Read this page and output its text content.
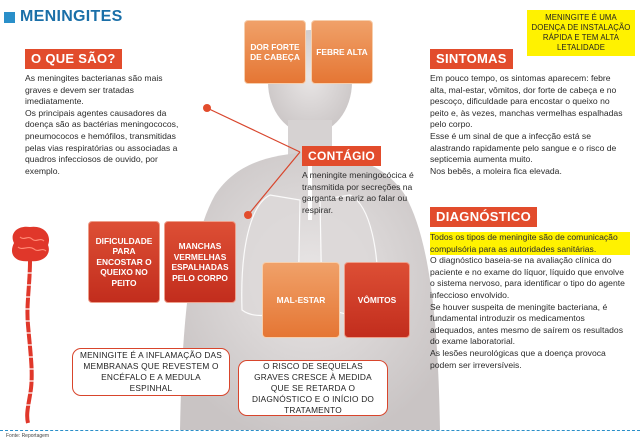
MENINGITES	MENINGITE É UMA DOENÇA DE INSTALAÇÃO RÁPIDA E TEM ALTA LETALIDADE
O QUE SÃO?

As meningites bacterianas são mais graves e devem ser tratadas imediatamente.

Os principais agentes causadores da doença são as bactérias meningococos, pneumococos e hemófilos, transmitidas pelas vias respiratórias ou associadas a quadros infecciosos de ouvido, por exemplo.

DOR FORTE DE CABEÇA
FEBRE ALTA
CONTÁGIO
A meningite meningocócica é transmitida por secreções na garganta e nariz ao falar ou respirar.
SINTOMAS

Em pouco tempo, os sintomas aparecem: febre alta, mal-estar, vômitos, dor forte de cabeça e no pescoço, dificuldade para encostar o queixo no peito e, às vezes, manchas vermelhas espalhadas pelo corpo.

Esse é um sinal de que a infecção está se alastrando rapidamente pelo sangue e o risco de septicemia aumenta muito.

Nos bebês, a moleira fica elevada.

DIAGNÓSTICO

Todos os tipos de meningite são de comunicação compulsória para as autoridades sanitárias.

O diagnóstico baseia-se na avaliação clínica do paciente e no exame do líquor, líquido que envolve o sistema nervoso, para identificar o tipo do agente infeccioso envolvido.

Se houver suspeita de meningite bacteriana, é fundamental introduzir os medicamentos adequados, antes mesmo de saírem os resultados do exame laboratorial.

As lesões neurológicas que a doença provoca podem ser irreversíveis.

DIFICULDADE PARA ENCOSTAR O QUEIXO NO PEITO
MANCHAS VERMELHAS ESPALHADAS PELO CORPO
MAL-ESTAR	VÔMITOS
MENINGITE É A INFLAMAÇÃO DAS MEMBRANAS QUE REVESTEM O ENCÉFALO E A MEDULA ESPINHAL
O RISCO DE SEQUELAS GRAVES CRESCE À MEDIDA QUE SE RETARDA O DIAGNÓSTICO E O INÍCIO DO TRATAMENTO
Fonte: Reportagem
